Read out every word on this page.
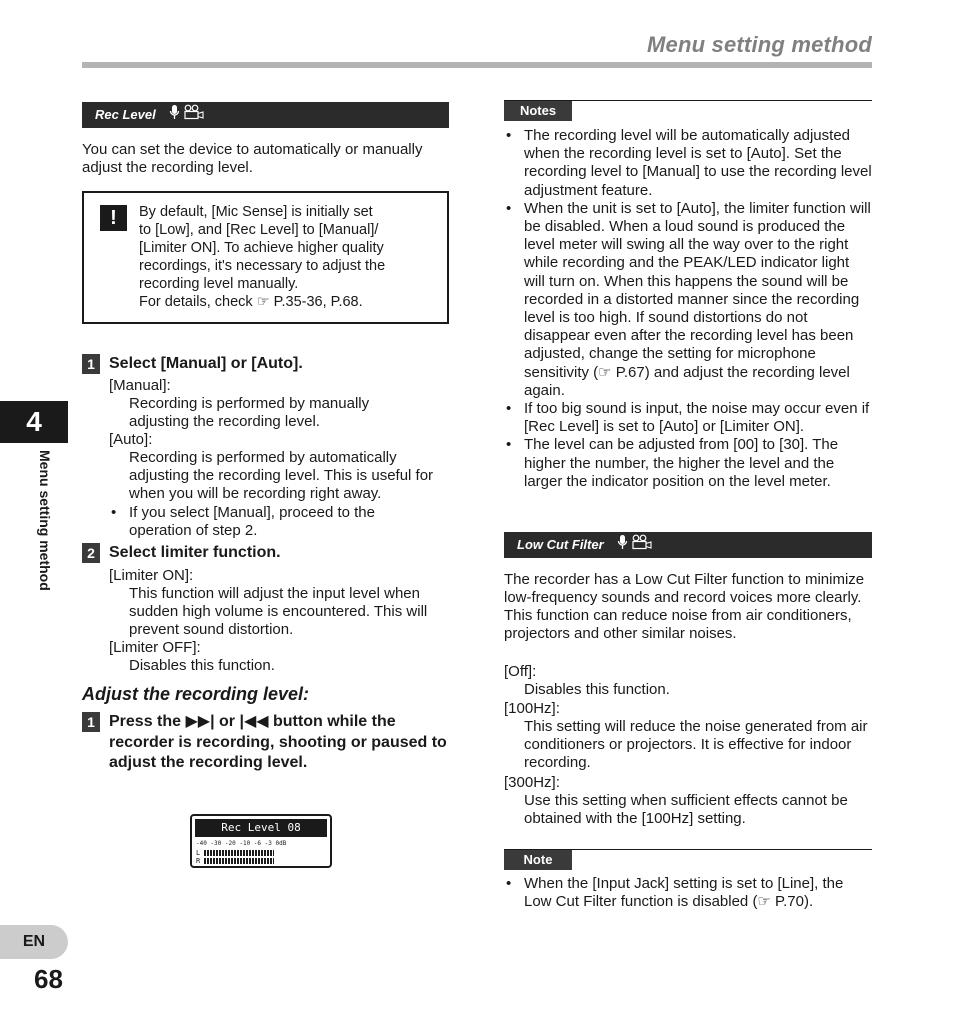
Menu setting method
4
Menu setting method
EN
68
Rec Level
You can set the device to automatically or manually adjust the recording level.
!	By default, [Mic Sense] is initially set
to [Low], and [Rec Level] to [Manual]/
[Limiter ON]. To achieve higher quality
recordings, it's necessary to adjust the
recording level manually.
For details, check ☞ P.35-36, P.68.
1 Select [Manual] or [Auto].
[Manual]:
Recording is performed by manually adjusting the recording level.
[Auto]:
Recording is performed by automatically adjusting the recording level. This is useful for when you will be recording right away.
• If you select [Manual], proceed to the operation of step 2.
2 Select limiter function.
[Limiter ON]:
This function will adjust the input level when sudden high volume is encountered. This will prevent sound distortion.
[Limiter OFF]:
Disables this function.
Adjust the recording level:
1 Press the ▶▶| or |◀◀ button while the recorder is recording, shooting or paused to adjust the recording level.
Rec Level 08
-40 -30 -20 -10 -6 -3 0dB
L
R
Notes
• The recording level will be automatically adjusted when the recording level is set to [Auto]. Set the recording level to [Manual] to use the recording level adjustment feature.
• When the unit is set to [Auto], the limiter function will be disabled. When a loud sound is produced the level meter will swing all the way over to the right while recording and the PEAK/LED indicator light will turn on. When this happens the sound will be recorded in a distorted manner since the recording level is too high. If sound distortions do not disappear even after the recording level has been adjusted, change the setting for microphone sensitivity (☞ P.67) and adjust the recording level again.
• If too big sound is input, the noise may occur even if [Rec Level] is set to [Auto] or [Limiter ON].
• The level can be adjusted from [00] to [30]. The higher the number, the higher the level and the larger the indicator position on the level meter.
Low Cut Filter
The recorder has a Low Cut Filter function to minimize low-frequency sounds and record voices more clearly. This function can reduce noise from air conditioners, projectors and other similar noises.
[Off]:
Disables this function.
[100Hz]:
This setting will reduce the noise generated from air conditioners or projectors. It is effective for indoor recording.
[300Hz]:
Use this setting when sufficient effects cannot be obtained with the [100Hz] setting.
Note
• When the [Input Jack] setting is set to [Line], the Low Cut Filter function is disabled (☞ P.70).
